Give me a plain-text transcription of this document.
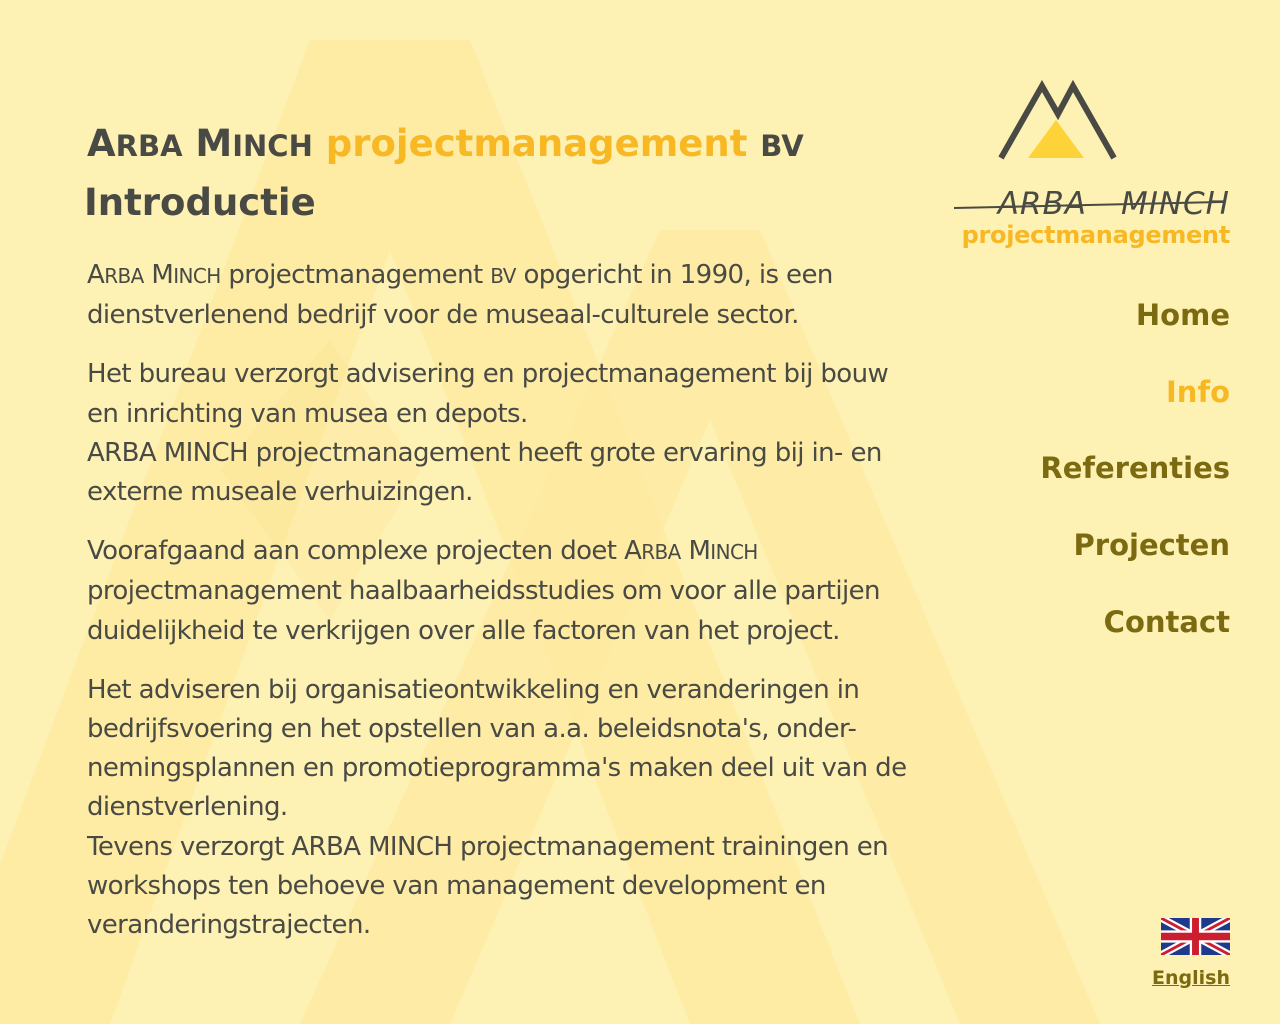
ARBA MINCH projectmanagement BV
Introductie

ARBA MINCH projectmanagement BV opgericht in 1990, is een dienstverlenend bedrijf voor de museaal-culturele sector.

Het bureau verzorgt advisering en projectmanagement bij bouw en inrichting van musea en depots.
ARBA MINCH projectmanagement heeft grote ervaring bij in- en externe museale verhuizingen.

Voorafgaand aan complexe projecten doet ARBA MINCH projectmanagement haalbaarheidsstudies om voor alle partijen duidelijkheid te verkrijgen over alle factoren van het project.

Het adviseren bij organisatieontwikkeling en veranderingen in bedrijfsvoering en het opstellen van a.a. beleidsnota's, onder- nemingsplannen en promotieprogramma's maken deel uit van de dienstverlening.
Tevens verzorgt ARBA MINCH projectmanagement trainingen en workshops ten behoeve van management development en veranderingstrajecten.

ARBA MINCH
projectmanagement
Home
Info
Referenties
Projecten
Contact
English
